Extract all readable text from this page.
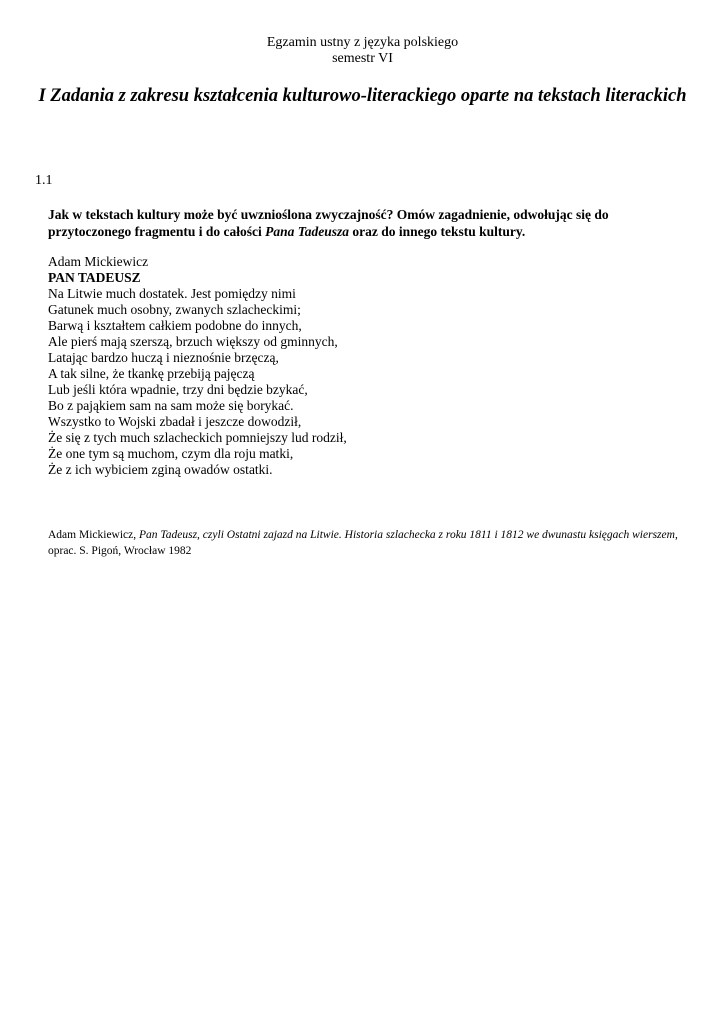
Egzamin ustny z języka polskiego
semestr VI
I Zadania z zakresu kształcenia kulturowo-literackiego oparte na tekstach literackich
1.1
Jak w tekstach kultury może być uwznioślona zwyczajność? Omów zagadnienie, odwołując się do przytoczonego fragmentu i do całości Pana Tadeusza oraz do innego tekstu kultury.
Adam Mickiewicz
PAN TADEUSZ
Na Litwie much dostatek. Jest pomiędzy nimi
Gatunek much osobny, zwanych szlacheckimi;
Barwą i kształtem całkiem podobne do innych,
Ale pierś mają szerszą, brzuch większy od gminnych,
Latając bardzo huczą i nieznośnie brzęczą,
A tak silne, że tkankę przebiją pajęczą
Lub jeśli która wpadnie, trzy dni będzie bzykać,
Bo z pająkiem sam na sam może się borykać.
Wszystko to Wojski zbadał i jeszcze dowodził,
Że się z tych much szlacheckich pomniejszy lud rodził,
Że one tym są muchom, czym dla roju matki,
Że z ich wybiciem zginą owadów ostatki.
Adam Mickiewicz, Pan Tadeusz, czyli Ostatni zajazd na Litwie. Historia szlachecka z roku 1811 i 1812 we dwunastu księgach wierszem, oprac. S. Pigoń, Wrocław 1982
